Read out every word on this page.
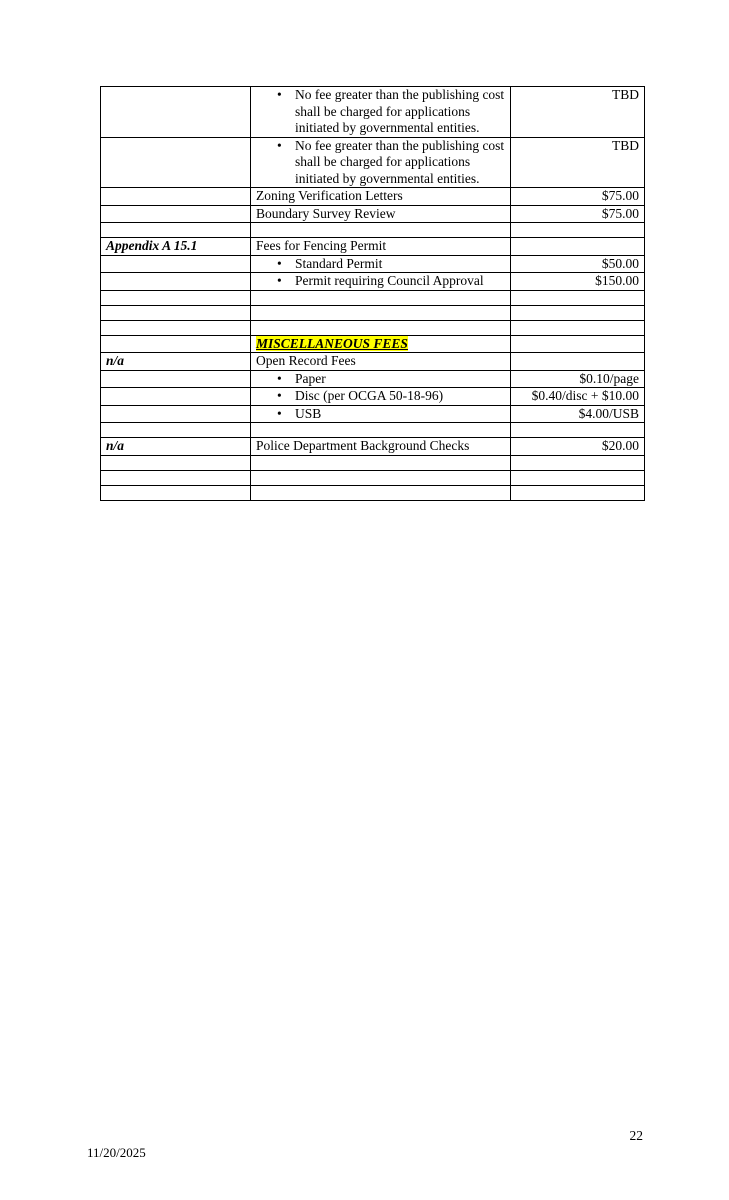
	• No fee greater than the publishing cost shall be charged for applications initiated by governmental entities.	TBD

	• No fee greater than the publishing cost shall be charged for applications initiated by governmental entities.	TBD
	Zoning Verification Letters	$75.00
	Boundary Survey Review	$75.00

Appendix A 15.1	Fees for Fencing Permit	

	• Standard Permit	$50.00

	• Permit requiring Council Approval	$150.00

	MISCELLANEOUS FEES	
n/a	Open Record Fees	

	• Paper	$0.10/page

	• Disc (per OCGA 50-18-96)	$0.40/disc + $10.00

	• USB	$4.00/USB

n/a	Police Department Background Checks	$20.00

22
11/20/2025
